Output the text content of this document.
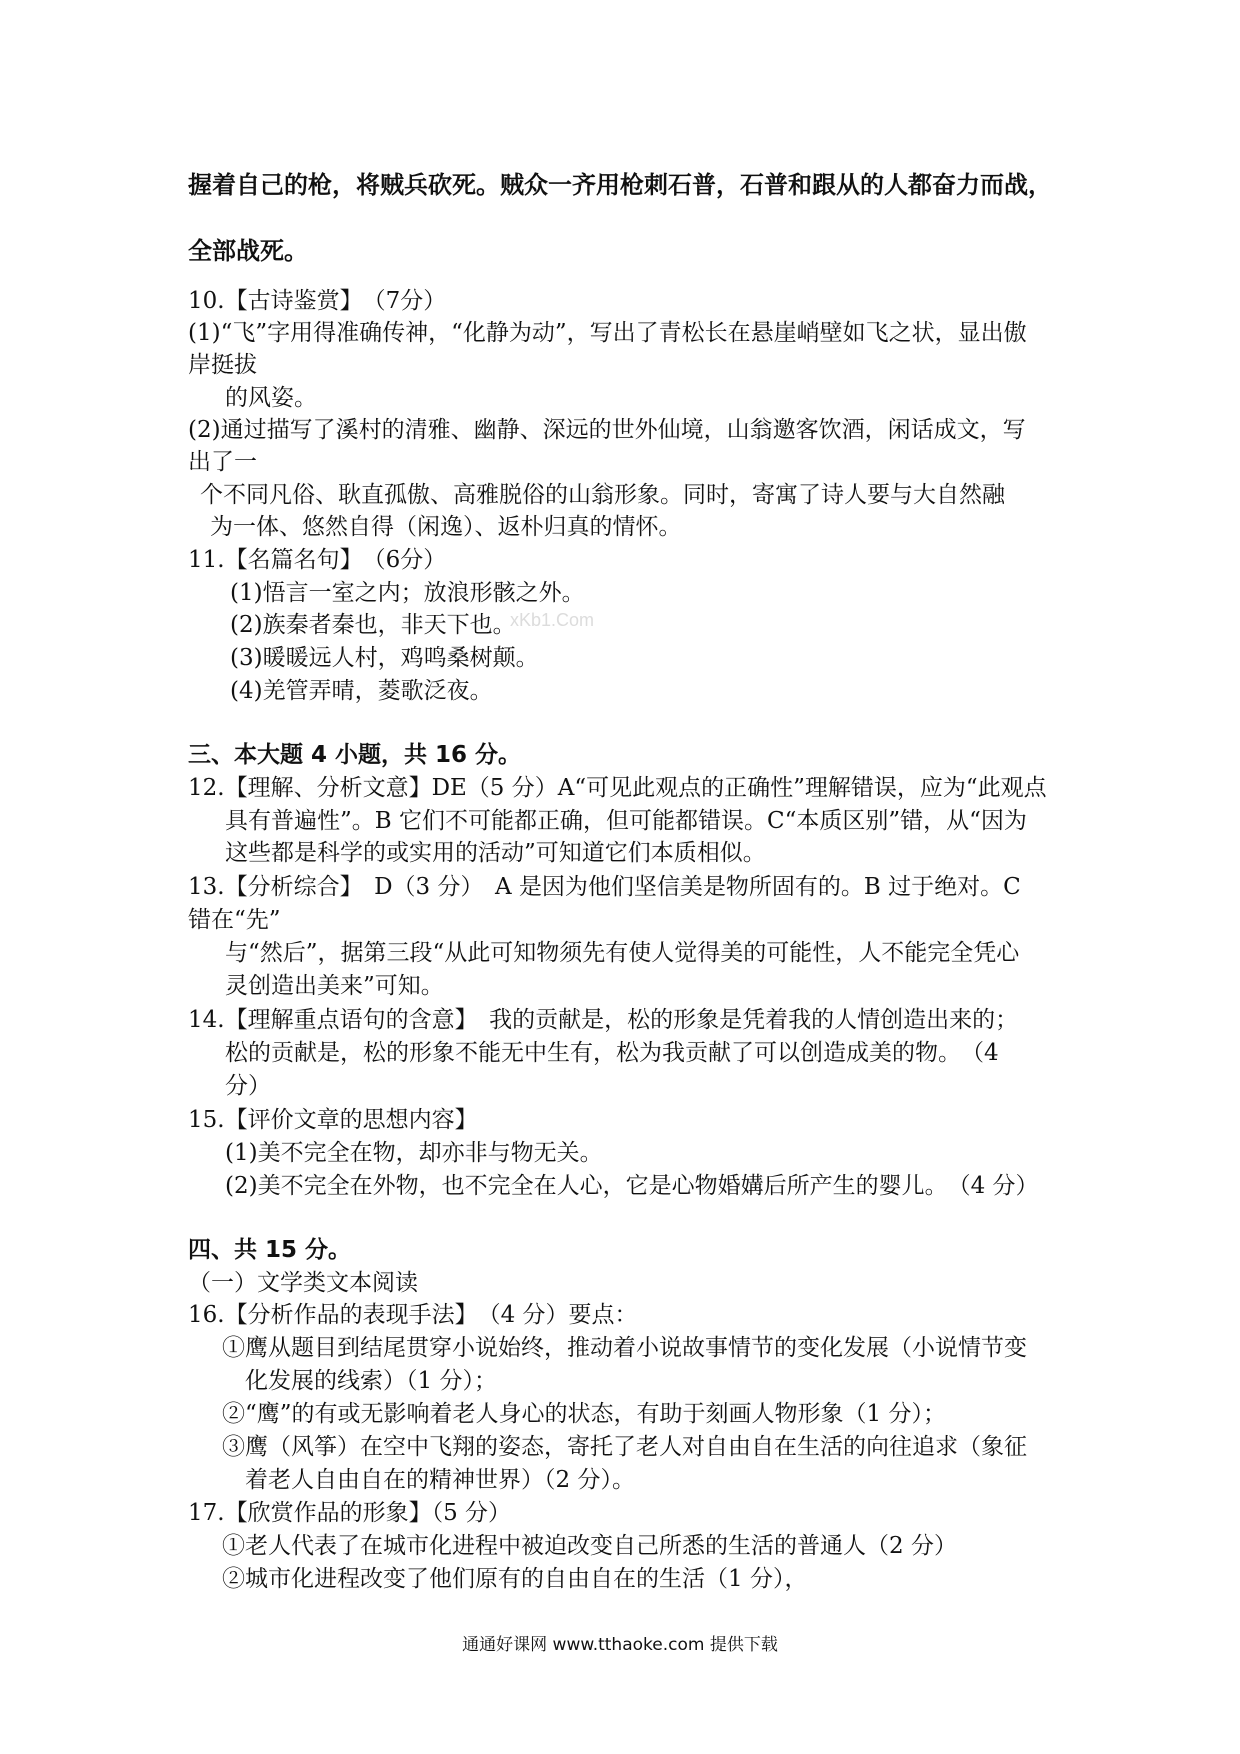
握着自己的枪，将贼兵砍死。贼众一齐用枪刺石普，石普和跟从的人都奋力而战，
全部战死。
10.【古诗鉴赏】　（7分）
(1)“飞”字用得准确传神，“化静为动”，写出了青松长在悬崖峭壁如飞之状，显出傲
岸挺拔
的风姿。
(2)通过描写了溪村的清雅、幽静、深远的世外仙境，山翁邀客饮酒，闲话成文，写
出了一
个不同凡俗、耿直孤傲、高雅脱俗的山翁形象。同时，寄寓了诗人要与大自然融
为一体、悠然自得（闲逸）、返朴归真的情怀。
11.【名篇名句】　（6分）
(1)悟言一室之内；放浪形骸之外。
(2)族秦者秦也，非天下也。
xKb1.Com
(3)暖暖远人村，鸡鸣桑树颠。
(4)羌管弄晴，菱歌泛夜。
三、本大题 4 小题，共 16 分。
12.【理解、分析文意】DE（5 分）A“可见此观点的正确性”理解错误，应为“此观点
具有普遍性”。B 它们不可能都正确，但可能都错误。C“本质区别”错，从“因为
这些都是科学的或实用的活动”可知道它们本质相似。
13.【分析综合】　D（3 分）　A 是因为他们坚信美是物所固有的。B 过于绝对。C
错在“先”
与“然后”，据第三段“从此可知物须先有使人觉得美的可能性，人不能完全凭心
灵创造出美来”可知。
14.【理解重点语句的含意】　我的贡献是，松的形象是凭着我的人情创造出来的；
松的贡献是，松的形象不能无中生有，松为我贡献了可以创造成美的物。　（4
分）
15.【评价文章的思想内容】
(1)美不完全在物，却亦非与物无关。
(2)美不完全在外物，也不完全在人心，它是心物婚媾后所产生的婴儿。　（4 分）
四、共 15 分。
（一）文学类文本阅读
16.【分析作品的表现手法】　（4 分）要点：
①鹰从题目到结尾贯穿小说始终，推动着小说故事情节的变化发展（小说情节变
化发展的线索）（1 分）；
②“鹰”的有或无影响着老人身心的状态，有助于刻画人物形象（1 分）；
③鹰（风筝）在空中飞翔的姿态，寄托了老人对自由自在生活的向往追求（象征
着老人自由自在的精神世界）（2 分）。
17.【欣赏作品的形象】（5 分）
①老人代表了在城市化进程中被迫改变自己所悉的生活的普通人（2 分）
②城市化进程改变了他们原有的自由自在的生活（1 分），
通通好课网 www.tthaoke.com 提供下载
